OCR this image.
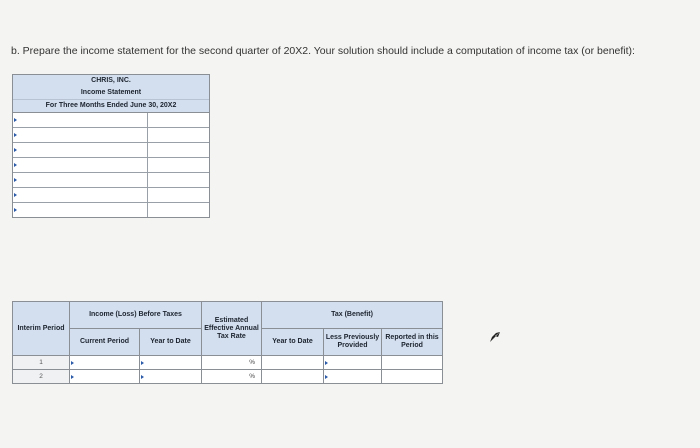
b. Prepare the income statement for the second quarter of 20X2. Your solution should include a computation of income tax (or benefit):
CHRIS, INC.
Income Statement
For Three Months Ended June 30, 20X2
Interim Period	Income (Loss) Before Taxes		Estimated Effective Annual Tax Rate	Tax (Benefit)		
	Current Period	Year to Date		Year to Date	Less Previously Provided	Reported in this Period
1			%		

2			%		
